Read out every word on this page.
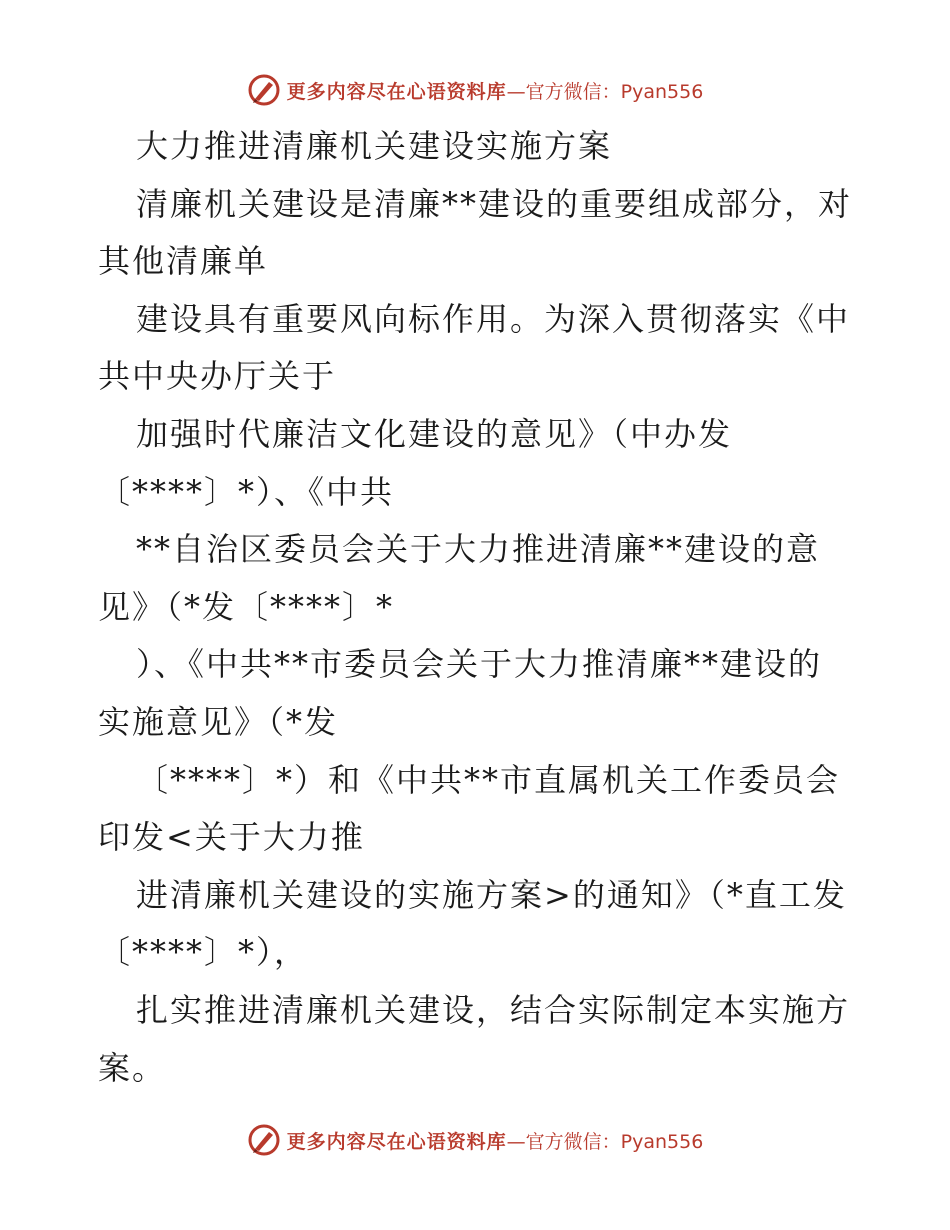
更多内容尽在心语资料库 —官方微信：Pyan556
大力推进清廉机关建设实施方案
清廉机关建设是清廉**建设的重要组成部分，对
其他清廉单
建设具有重要风向标作用。为深入贯彻落实《中
共中央办厅关于
加强时代廉洁文化建设的意见》（中办发
〔****〕*）、《中共
**自治区委员会关于大力推进清廉**建设的意
见》（*发〔****〕*
）、《中共**市委员会关于大力推清廉**建设的
实施意见》（*发
〔****〕*）和《中共**市直属机关工作委员会
印发<关于大力推
进清廉机关建设的实施方案>的通知》（*直工发
〔****〕*），
扎实推进清廉机关建设，结合实际制定本实施方
案。
更多内容尽在心语资料库 —官方微信：Pyan556
